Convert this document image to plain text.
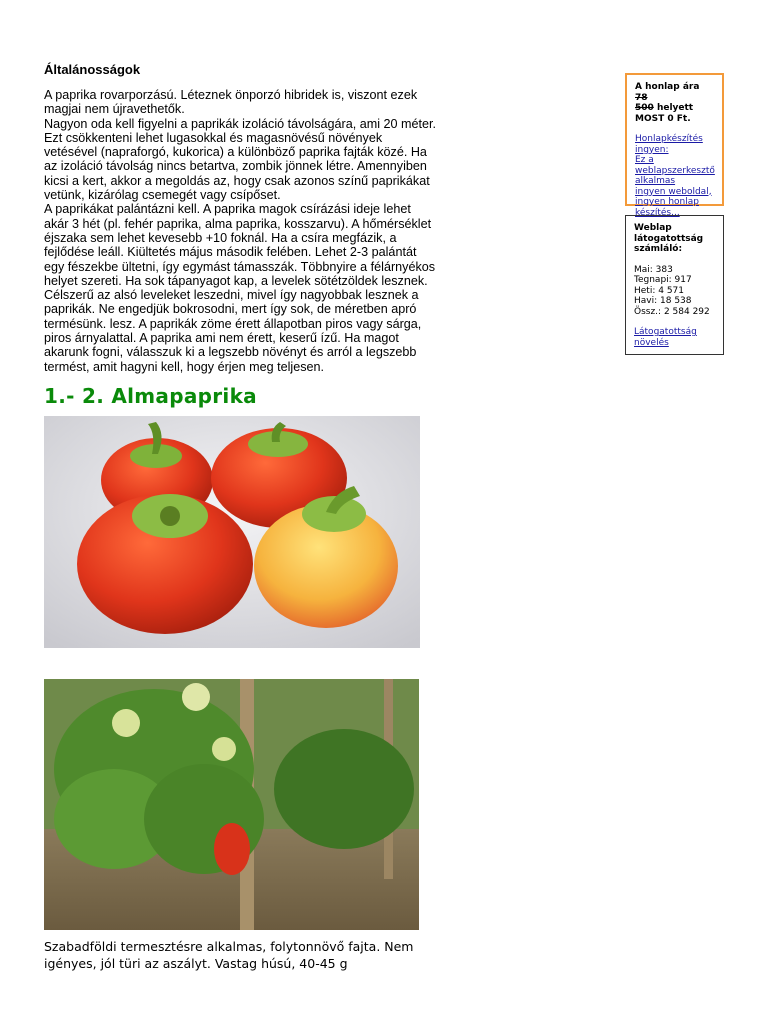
Általánosságok

A paprika rovarporzású. Léteznek önporzó hibridek is, viszont ezek
magjai nem újravethetők.
Nagyon oda kell figyelni a paprikák izoláció távolságára, ami 20 méter.
Ezt csökkenteni lehet lugasokkal és magasnövésű növények
vetésével (napraforgó, kukorica) a különböző paprika fajták közé. Ha
az izoláció távolság nincs betartva, zombik jönnek létre. Amennyiben
kicsi a kert, akkor a megoldás az, hogy csak azonos színű paprikákat
vetünk, kizárólag csemegét vagy csípőset.
A paprikákat palántázni kell. A paprika magok csírázási ideje lehet
akár 3 hét (pl. fehér paprika, alma paprika, kosszarvu). A hőmérséklet
éjszaka sem lehet kevesebb +10 foknál. Ha a csíra megfázik, a
fejlődése leáll. Kiültetés május második felében. Lehet 2-3 palántát
egy fészekbe ültetni, így egymást támasszák. Többnyire a félárnyékos
helyet szereti. Ha sok tápanyagot kap, a levelek sötétzöldek lesznek.
Célszerű az alsó leveleket leszedni, mivel így nagyobbak lesznek a
paprikák. Ne engedjük bokrosodni, mert így sok, de méretben apró
termésünk. lesz. A paprikák zöme érett állapotban piros vagy sárga,
piros árnyalattal. A paprika ami nem érett, keserű ízű. Ha magot
akarunk fogni, válasszuk ki a legszebb növényt és arról a legszebb
termést, amit hagyni kell, hogy érjen meg teljesen.

1.- 2. Almapaprika
Szabadföldi termesztésre alkalmas, folytonnövő fajta. Nem
igényes, jól türi az aszályt. Vastag húsú, 40-45 g
A honlap ára 78
500 helyett
MOST 0 Ft.
Honlapkészítés ingyen:
Ez a weblapszerkesztő alkalmas
ingyen weboldal, ingyen honlap készítés...
Weblap látogatottság számláló:
Mai: 383
Tegnapi: 917
Heti: 4 571
Havi: 18 538
Össz.: 2 584 292
Látogatottság növelés
